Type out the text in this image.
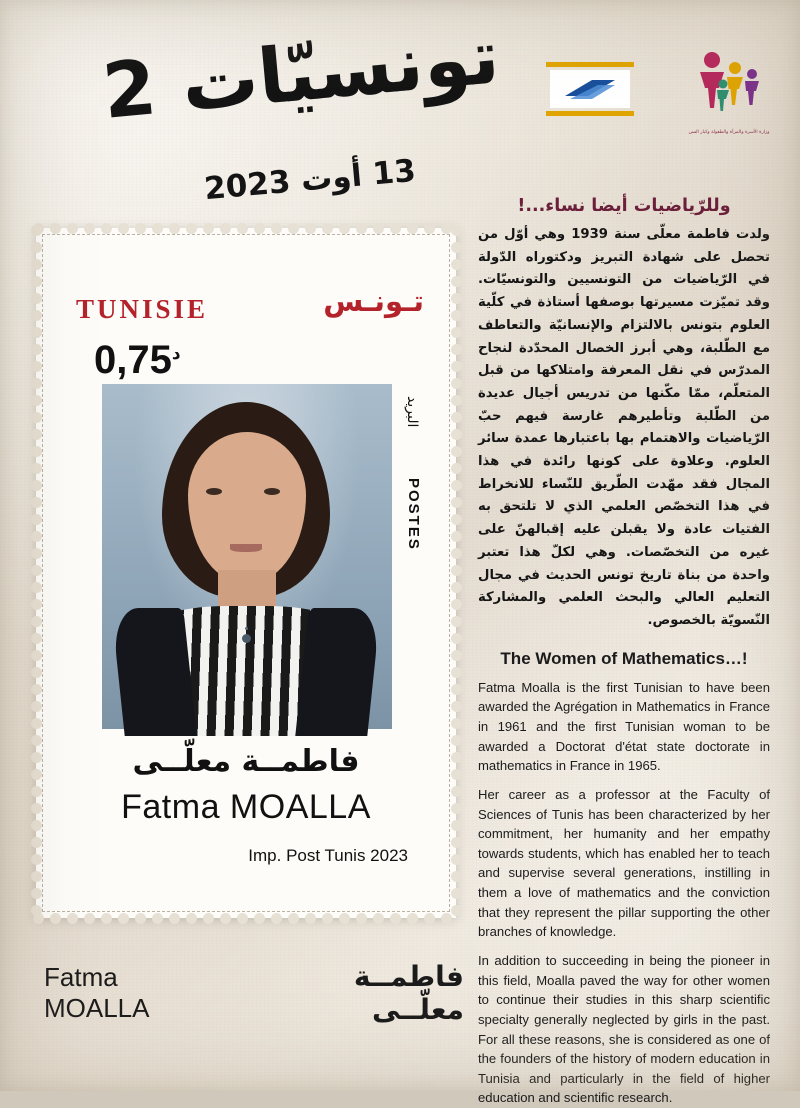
تونسيّات 2
13 أوت 2023
وزارة الأسرة والمرأة والطفولة وكبار السن
TUNISIE	تـونـس
$^د$0,75
البريد
POSTES
فاطمــة معلّــى
Fatma MOALLA
Imp. Post Tunis 2023
Fatma MOALLA
فاطمــة معلّــى
وللرّياضيات أيضا نساء...!
ولدت فاطمة معلّى سنة 1939 وهي أوّل من تحصل على شهادة التبريز ودكتوراه الدّولة في الرّياضيات من التونسيين والتونسيّات. وقد تميّزت مسيرتها بوصفها أستاذة في كلّية العلوم بتونس بالالتزام والإنسانيّة والتعاطف مع الطّلبة، وهي أبرز الخصال المحدّدة لنجاح المدرّس في نقل المعرفة وامتلاكها من قبل المتعلّم، ممّا مكّنها من تدريس أجيال عديدة من الطّلبة وتأطيرهم غارسة فيهم حبّ الرّياضيات والاهتمام بها باعتبارها عمدة سائر العلوم. وعلاوة على كونها رائدة في هذا المجال فقد مهّدت الطّريق للنّساء للانخراط في هذا التخصّص العلمي الذي لا تلتحق به الفتيات عادة ولا يقبلن عليه إقبالهنّ على غيره من التخصّصات. وهي لكلّ هذا تعتبر واحدة من بناة تاريخ تونس الحديث في مجال التعليم العالي والبحث العلمي والمشاركة النّسويّة بالخصوص.
The Women of Mathematics…!

Fatma Moalla is the first Tunisian to have been awarded the Agrégation in Mathematics in France in 1961 and the first Tunisian woman to be awarded a Doctorat d'état state doctorate in mathematics in France in 1965.

Her career as a professor at the Faculty of Sciences of Tunis has been characterized by her commitment, her humanity and her empathy towards students, which has enabled her to teach and supervise several generations, instilling in them a love of mathematics and the conviction that they represent the pillar supporting the other branches of knowledge.

In addition to succeeding in being the pioneer in this field, Moalla paved the way for other women to continue their studies in this sharp scientific specialty generally neglected by girls in the past. For all these reasons, she is considered as one of the founders of the history of modern education in Tunisia and particularly in the field of higher education and scientific research.
